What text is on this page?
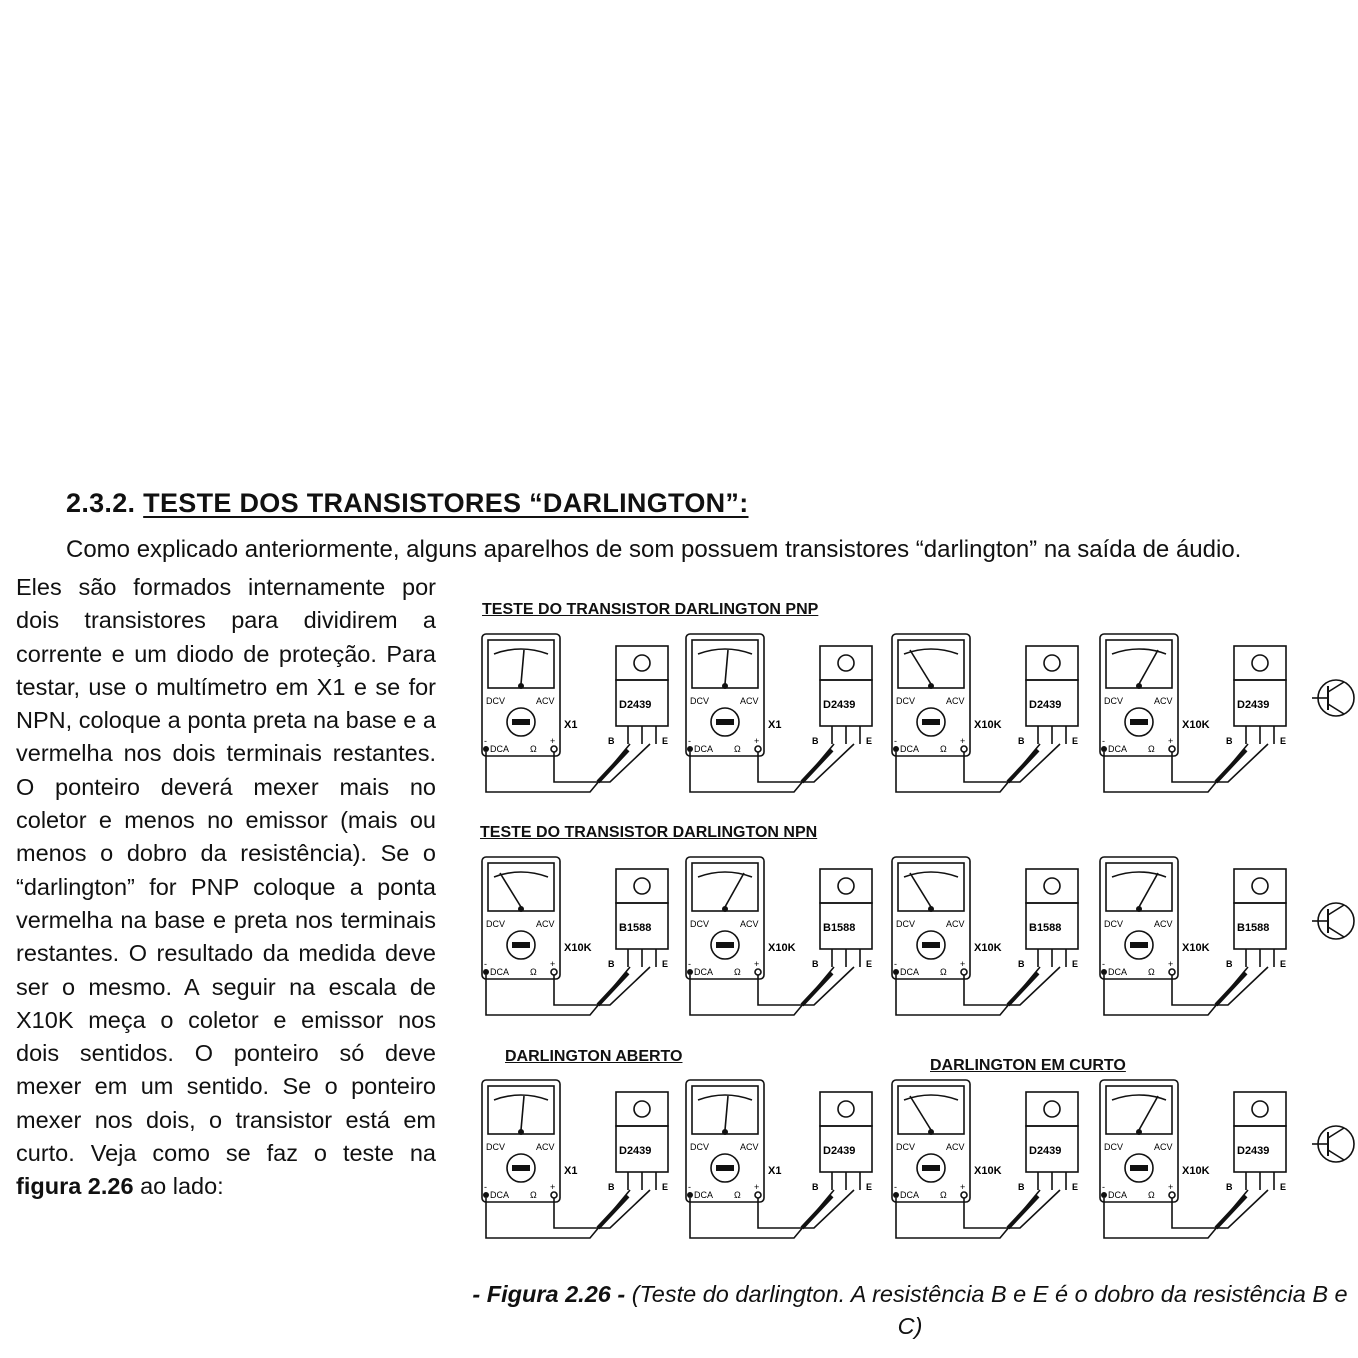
2.3.2. TESTE DOS TRANSISTORES “DARLINGTON”:
Como explicado anteriormente, alguns aparelhos de som possuem transistores “darlington” na saída de áudio.

Eles são formados internamente por dois transistores para dividirem a corrente e um diodo de proteção. Para testar, use o multímetro em X1 e se for NPN, coloque a ponta preta na base e a vermelha nos dois terminais restantes. O ponteiro deverá mexer mais no coletor e menos no emissor (mais ou menos o dobro da resistência). Se o “darlington” for PNP coloque a ponta vermelha na base e preta nos terminais restantes. O resultado da medida deve ser o mesmo. A seguir na escala de X10K meça o coletor e emissor nos dois sentidos. O ponteiro só deve mexer em um sentido. Se o ponteiro mexer nos dois, o transistor está em curto. Veja como se faz o teste na figura 2.26 ao lado:

TESTE DO TRANSISTOR DARLINGTON PNP
TESTE DO TRANSISTOR DARLINGTON NPN
DARLINGTON ABERTO
DARLINGTON EM CURTO
DCV	ACV
DCA Ω
-	+
X1
D2439
B	E
DCV	ACV
DCA Ω
-	+
X1
D2439
B	E
DCV	ACV
DCA Ω
-	+
X10K
D2439
B	E
DCV	ACV
DCA Ω
-	+
X10K
D2439
B	E
DCV	ACV
DCA Ω
-	+
X10K
B1588
B	E
DCV	ACV
DCA Ω
-	+
X10K
B1588
B	E
DCV	ACV
DCA Ω
-	+
X10K
B1588
B	E
DCV	ACV
DCA Ω
-	+
X10K
B1588
B	E
DCV	ACV
DCA Ω
-	+
X1
D2439
B	E
DCV	ACV
DCA Ω
-	+
X1
D2439
B	E
DCV	ACV
DCA Ω
-	+
X10K
D2439
B	E
DCV	ACV
DCA Ω
-	+
X10K
D2439
B	E
- Figura 2.26 - (Teste do darlington. A resistência B e E é o dobro da resistência B e C)
